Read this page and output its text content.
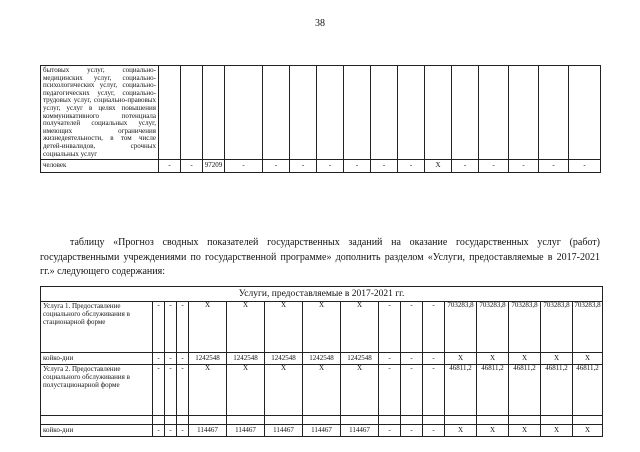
38
бытовых услуг, социально-медицинских услуг, социально-психологических услуг, социально-педагогических услуг, социально-трудовых услуг, социально-правовых услуг, услуг в целях повышения коммуникативного потенциала получателей социальных услуг, имеющих ограничения жизнедеятельности, в том числе детей-инвалидов, срочных социальных услуг																
человек	-	-	97209	-	-	-	-	-	-	-	X	-	-	-	-	-

таблицу «Прогноз сводных показателей государственных заданий на оказание государственных услуг (работ) государственными учреждениями по государственной программе» дополнить разделом «Услуги, предоставляемые в 2017-2021 гг.» следующего содержания:

Услуги, предоставляемые в 2017-2021 гг.																
Услуга 1. Предоставление социального обслуживания в стационарной форме	-	-	-	X	X	X	X	X	-	-	-	703283,8	703283,8	703283,8	703283,8	703283,8
койко-дни	-	-	-	1242548	1242548	1242548	1242548	1242548	-	-	-	X	X	X	X	X
Услуга 2. Предоставление социального обслуживания в полустационарной форме	-	-	-	X	X	X	X	X	-	-	-	46811,2	46811,2	46811,2	46811,2	46811,2

койко-дни	-	-	-	114467	114467	114467	114467	114467	-	-	-	X	X	X	X	X
